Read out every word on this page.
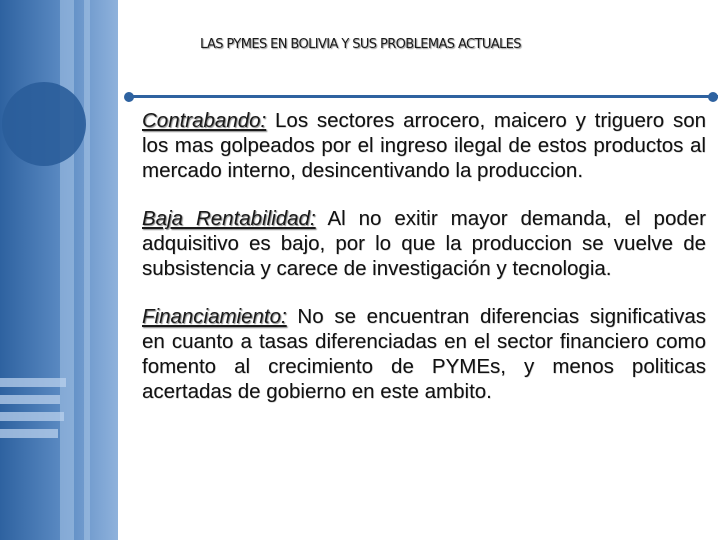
LAS PYMES EN BOLIVIA Y SUS PROBLEMAS ACTUALES

Contrabando: Los sectores arrocero, maicero y triguero son los mas golpeados por el ingreso ilegal de estos productos al mercado interno, desincentivando la produccion.

Baja Rentabilidad: Al no exitir mayor demanda, el poder adquisitivo es bajo, por lo que la produccion se vuelve de subsistencia y carece de investigación y tecnologia.

Financiamiento: No se encuentran diferencias significativas en cuanto a tasas diferenciadas en el sector financiero como fomento al crecimiento de PYMEs, y menos politicas acertadas de gobierno en este ambito.
